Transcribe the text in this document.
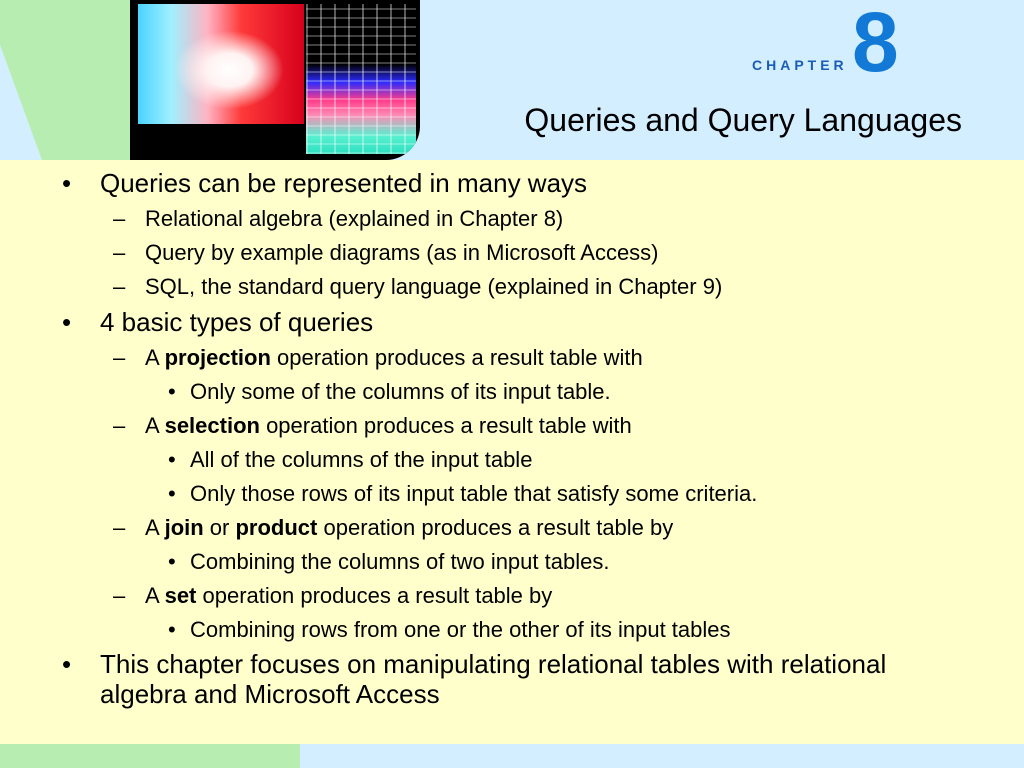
CHAPTER 8
Queries and Query Languages
• Queries can be represented in many ways
– Relational algebra (explained in Chapter 8)
– Query by example diagrams (as in Microsoft Access)
– SQL, the standard query language (explained in Chapter 9)
• 4 basic types of queries
– A projection operation produces a result table with
• Only some of the columns of its input table.
– A selection operation produces a result table with
• All of the columns of the input table
• Only those rows of its input table that satisfy some criteria.
– A join or product operation produces a result table by
• Combining the columns of two input tables.
– A set operation produces a result table by
• Combining rows from one or the other of its input tables
• This chapter focuses on manipulating relational tables with relational algebra and Microsoft Access
